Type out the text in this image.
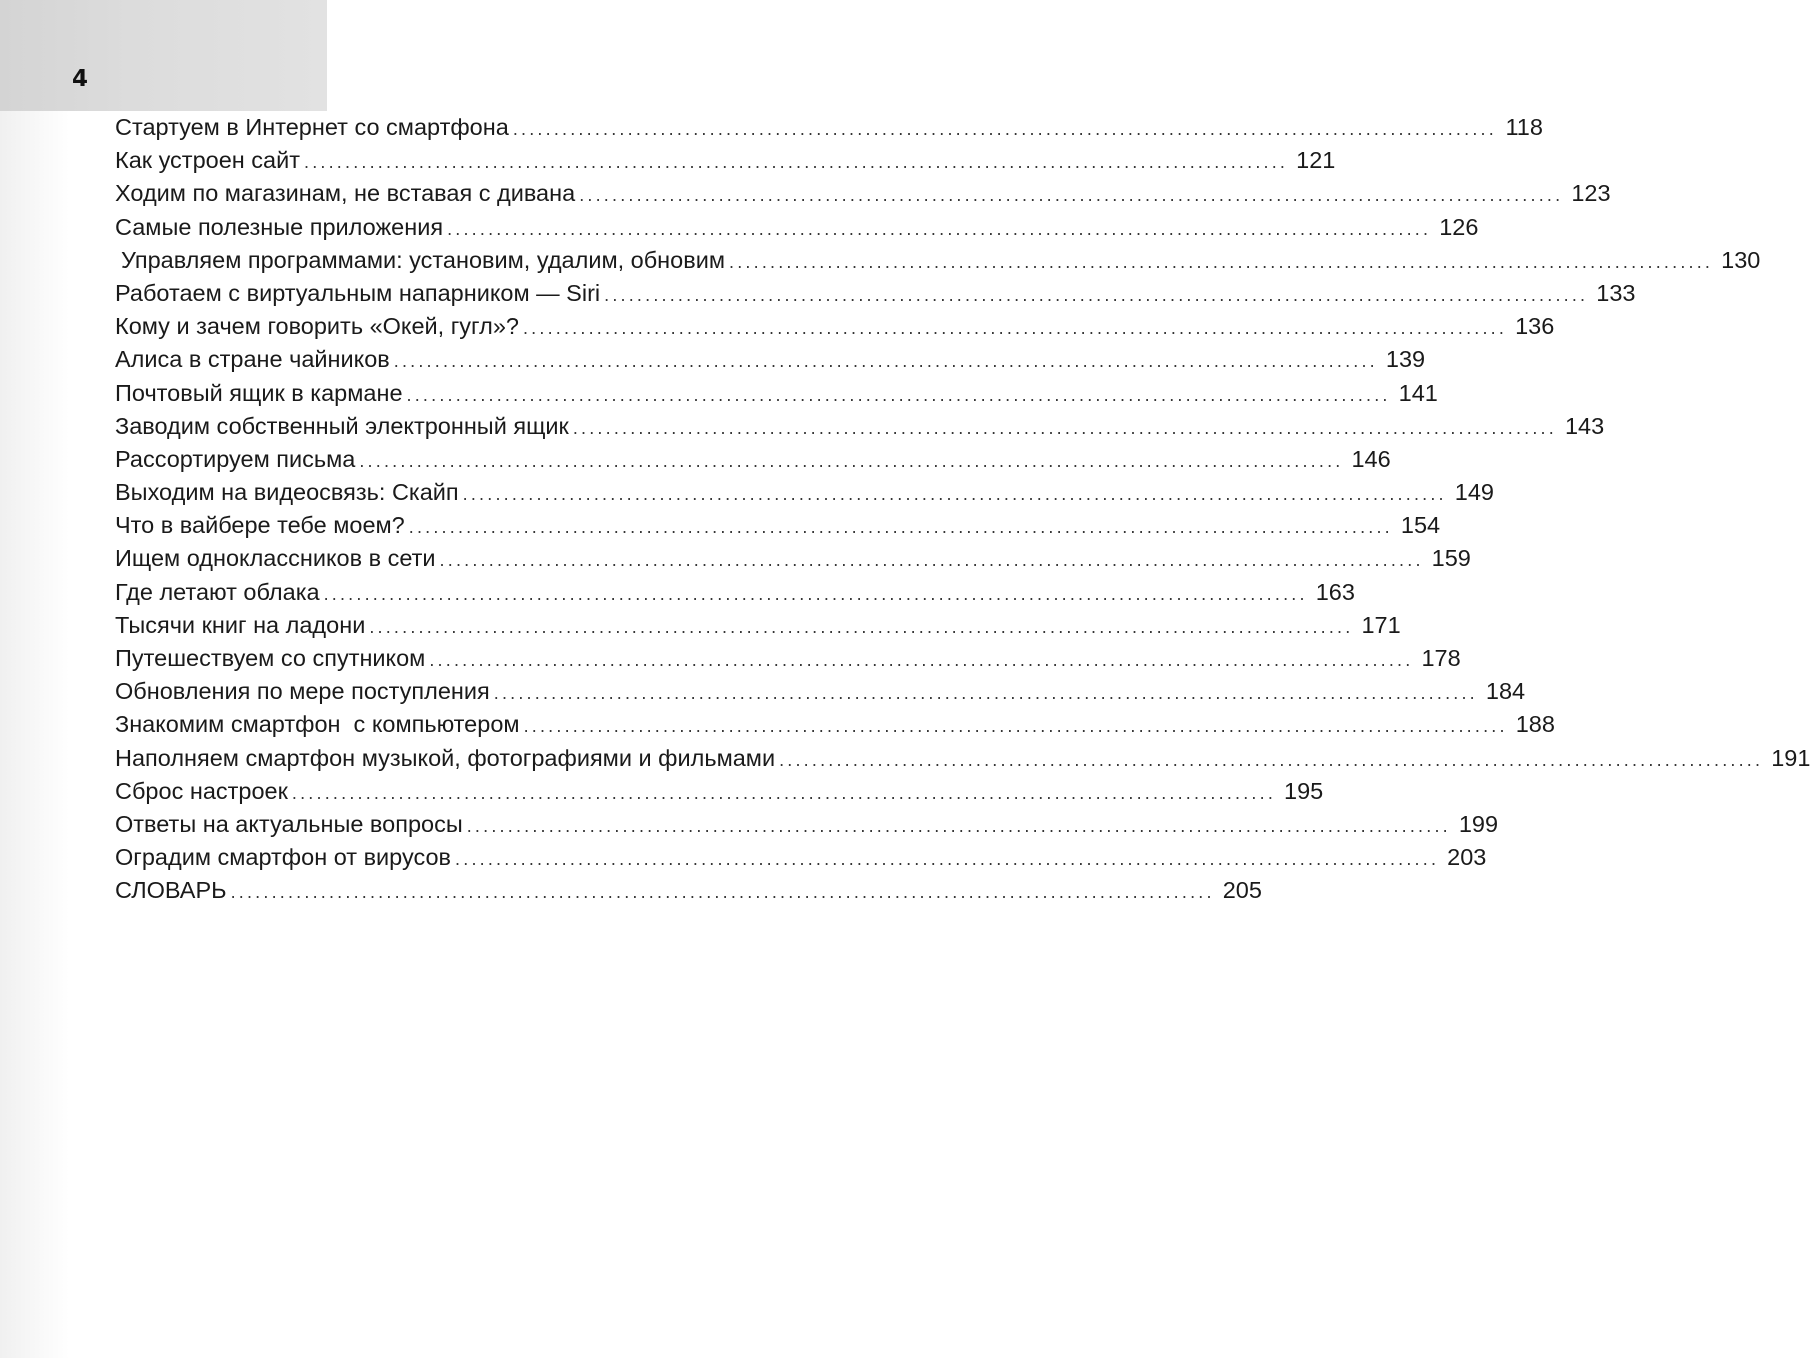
4
Стартуем в Интернет со смартфона ........................................................................................................................ 118
Как устроен сайт ........................................................................................................................ 121
Ходим по магазинам, не вставая с дивана ........................................................................................................................ 123
Самые полезные приложения ........................................................................................................................ 126
Управляем программами: установим, удалим, обновим ........................................................................................................................ 130
Работаем с виртуальным напарником — Siri ........................................................................................................................ 133
Кому и зачем говорить «Окей, гугл»? ........................................................................................................................ 136
Алиса в стране чайников ........................................................................................................................ 139
Почтовый ящик в кармане ........................................................................................................................ 141
Заводим собственный электронный ящик ........................................................................................................................ 143
Рассортируем письма ........................................................................................................................ 146
Выходим на видеосвязь: Скайп ........................................................................................................................ 149
Что в вайбере тебе моем? ........................................................................................................................ 154
Ищем одноклассников в сети ........................................................................................................................ 159
Где летают облака ........................................................................................................................ 163
Тысячи книг на ладони ........................................................................................................................ 171
Путешествуем со спутником ........................................................................................................................ 178
Обновления по мере поступления ........................................................................................................................ 184
Знакомим смартфон  с компьютером ........................................................................................................................ 188
Наполняем смартфон музыкой, фотографиями и фильмами ........................................................................................................................ 191
Сброс настроек ........................................................................................................................ 195
Ответы на актуальные вопросы ........................................................................................................................ 199
Оградим смартфон от вирусов ........................................................................................................................ 203
СЛОВАРЬ ........................................................................................................................ 205
